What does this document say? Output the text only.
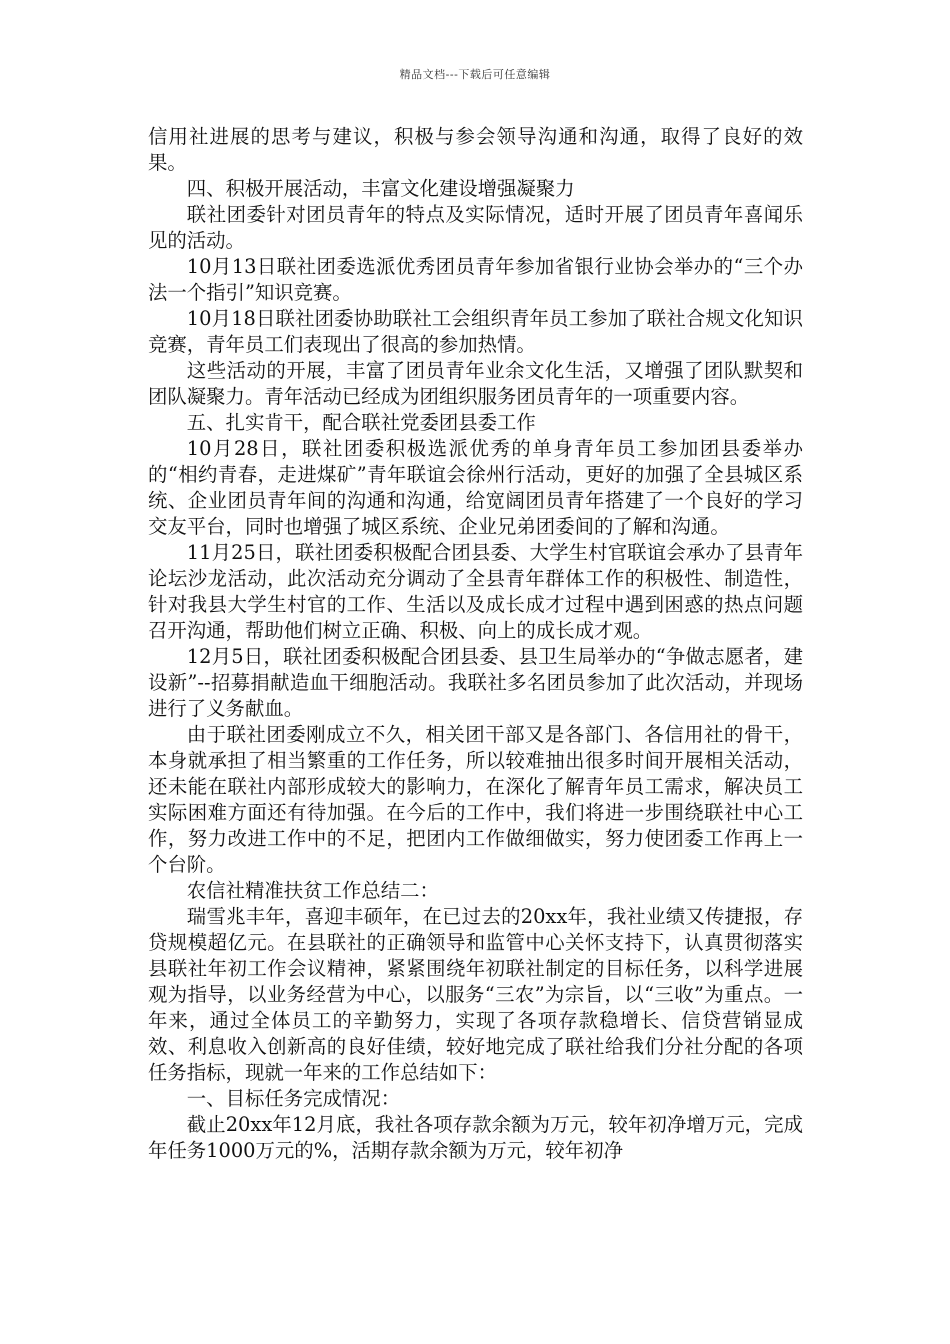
精品文档---下载后可任意编辑

信用社进展的思考与建议，积极与参会领导沟通和沟通，取得了良好的效果。

四、积极开展活动，丰富文化建设增强凝聚力

联社团委针对团员青年的特点及实际情况，适时开展了团员青年喜闻乐见的活动。

10月13日联社团委选派优秀团员青年参加省银行业协会举办的“三个办法一个指引”知识竞赛。

10月18日联社团委协助联社工会组织青年员工参加了联社合规文化知识竞赛，青年员工们表现出了很高的参加热情。

这些活动的开展，丰富了团员青年业余文化生活，又增强了团队默契和团队凝聚力。青年活动已经成为团组织服务团员青年的一项重要内容。

五、扎实肯干，配合联社党委团县委工作

10月28日，联社团委积极选派优秀的单身青年员工参加团县委举办的“相约青春，走进煤矿”青年联谊会徐州行活动，更好的加强了全县城区系统、企业团员青年间的沟通和沟通，给宽阔团员青年搭建了一个良好的学习交友平台，同时也增强了城区系统、企业兄弟团委间的了解和沟通。

11月25日，联社团委积极配合团县委、大学生村官联谊会承办了县青年论坛沙龙活动，此次活动充分调动了全县青年群体工作的积极性、制造性，针对我县大学生村官的工作、生活以及成长成才过程中遇到困惑的热点问题召开沟通，帮助他们树立正确、积极、向上的成长成才观。

12月5日，联社团委积极配合团县委、县卫生局举办的“争做志愿者，建设新”--招募捐献造血干细胞活动。我联社多名团员参加了此次活动，并现场进行了义务献血。

由于联社团委刚成立不久，相关团干部又是各部门、各信用社的骨干，本身就承担了相当繁重的工作任务，所以较难抽出很多时间开展相关活动，还未能在联社内部形成较大的影响力，在深化了解青年员工需求，解决员工实际困难方面还有待加强。在今后的工作中，我们将进一步围绕联社中心工作，努力改进工作中的不足，把团内工作做细做实，努力使团委工作再上一个台阶。

农信社精准扶贫工作总结二：

瑞雪兆丰年，喜迎丰硕年，在已过去的20xx年，我社业绩又传捷报，存贷规模超亿元。在县联社的正确领导和监管中心关怀支持下，认真贯彻落实县联社年初工作会议精神，紧紧围绕年初联社制定的目标任务，以科学进展观为指导，以业务经营为中心，以服务“三农”为宗旨，以“三收”为重点。一年来，通过全体员工的辛勤努力，实现了各项存款稳增长、信贷营销显成效、利息收入创新高的良好佳绩，较好地完成了联社给我们分社分配的各项任务指标，现就一年来的工作总结如下：

一、目标任务完成情况：

截止20xx年12月底，我社各项存款余额为万元，较年初净增万元，完成年任务1000万元的%，活期存款余额为万元，较年初净
